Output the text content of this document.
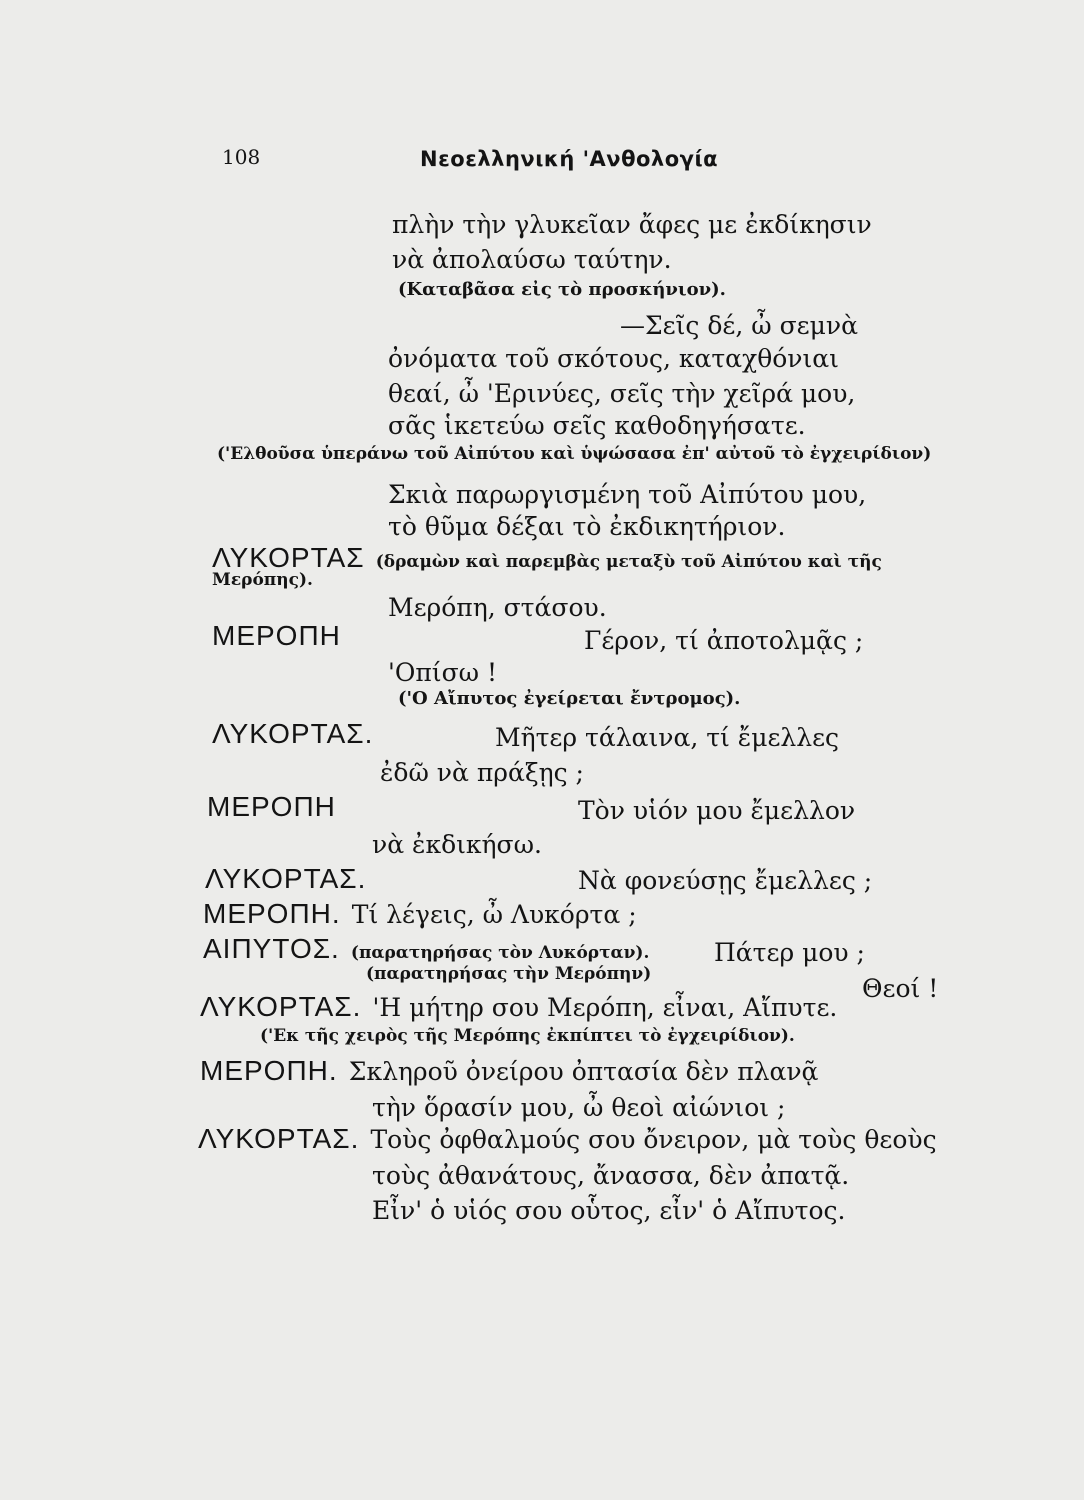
108	Νεοελληνική 'Ανθολογία
πλὴν τὴν γλυκεῖαν ἄφες με ἐκδίκησιν
νὰ ἀπολαύσω ταύτην.
(Καταβᾶσα εἰς τὸ προσκήνιον).
—Σεῖς δέ, ὦ σεμνὰ
ὀνόματα τοῦ σκότους, καταχθόνιαι
θεαί, ὦ 'Ερινύες, σεῖς τὴν χεῖρά μου,
σᾶς ἱκετεύω σεῖς καθοδηγήσατε.
('Ελθοῦσα ὑπεράνω τοῦ Αἰπύτου καὶ ὑψώσασα ἐπ' αὐτοῦ τὸ ἐγχειρίδιον)
Σκιὰ παρωργισμένη τοῦ Αἰπύτου μου,
τὸ θῦμα δέξαι τὸ ἐκδικητήριον.
ΛΥΚΟΡΤΑΣ (δραμὼν καὶ παρεμβὰς μεταξὺ τοῦ Αἰπύτου καὶ τῆς
Μερόπης).
Μερόπη, στάσου.
ΜΕΡΟΠΗ	Γέρον, τί ἀποτολμᾷς ;
'Οπίσω !
('Ο Αἴπυτος ἐγείρεται ἔντρομος).
ΛΥΚΟΡΤΑΣ.	Μῆτερ τάλαινα, τί ἔμελλες
ἐδῶ νὰ πράξῃς ;
ΜΕΡΟΠΗ	Τὸν υἱόν μου ἔμελλον
νὰ ἐκδικήσω.
ΛΥΚΟΡΤΑΣ.	Νὰ φονεύσῃς ἔμελλες ;
ΜΕΡΟΠΗ. Τί λέγεις, ὦ Λυκόρτα ;
ΑΙΠΥΤΟΣ. (παρατηρήσας τὸν Λυκόρταν).	Πάτερ μου ;
(παρατηρήσας τὴν Μερόπην)	Θεοί !
ΛΥΚΟΡΤΑΣ. 'Η μήτηρ σου Μερόπη, εἶναι, Αἴπυτε.
('Εκ τῆς χειρὸς τῆς Μερόπης ἐκπίπτει τὸ ἐγχειρίδιον).
ΜΕΡΟΠΗ. Σκληροῦ ὀνείρου ὀπτασία δὲν πλανᾷ
τὴν ὅρασίν μου, ὦ θεοὶ αἰώνιοι ;
ΛΥΚΟΡΤΑΣ. Τοὺς ὀφθαλμούς σου ὄνειρον, μὰ τοὺς θεοὺς
τοὺς ἀθανάτους, ἄνασσα, δὲν ἀπατᾷ.
Εἶν' ὁ υἱός σου οὗτος, εἶν' ὁ Αἴπυτος.
